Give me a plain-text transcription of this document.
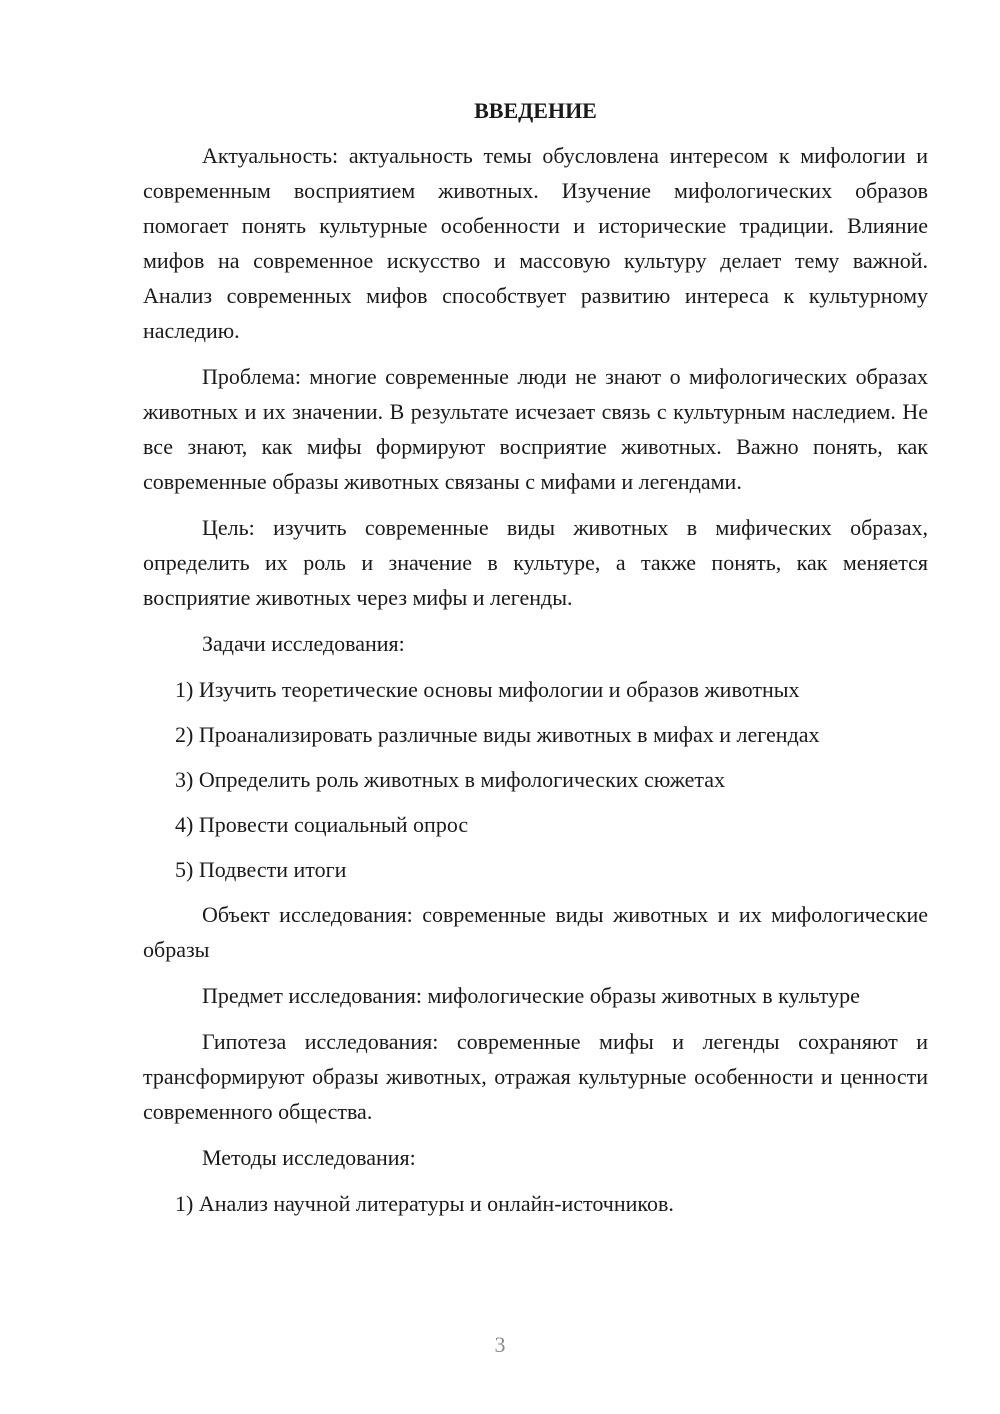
ВВЕДЕНИЕ

Актуальность: актуальность темы обусловлена интересом к мифологии и современным восприятием животных. Изучение мифологических образов помогает понять культурные особенности и исторические традиции. Влияние мифов на современное искусство и массовую культуру делает тему важной. Анализ современных мифов способствует развитию интереса к культурному наследию.

Проблема: многие современные люди не знают о мифологических образах животных и их значении. В результате исчезает связь с культурным наследием. Не все знают, как мифы формируют восприятие животных. Важно понять, как современные образы животных связаны с мифами и легендами.

Цель: изучить современные виды животных в мифических образах, определить их роль и значение в культуре, а также понять, как меняется восприятие животных через мифы и легенды.

Задачи исследования:

1) Изучить теоретические основы мифологии и образов животных
2) Проанализировать различные виды животных в мифах и легендах
3) Определить роль животных в мифологических сюжетах
4) Провести социальный опрос
5) Подвести итоги

Объект исследования: современные виды животных и их мифологические образы

Предмет исследования: мифологические образы животных в культуре

Гипотеза исследования: современные мифы и легенды сохраняют и трансформируют образы животных, отражая культурные особенности и ценности современного общества.

Методы исследования:

1) Анализ научной литературы и онлайн-источников.
3
